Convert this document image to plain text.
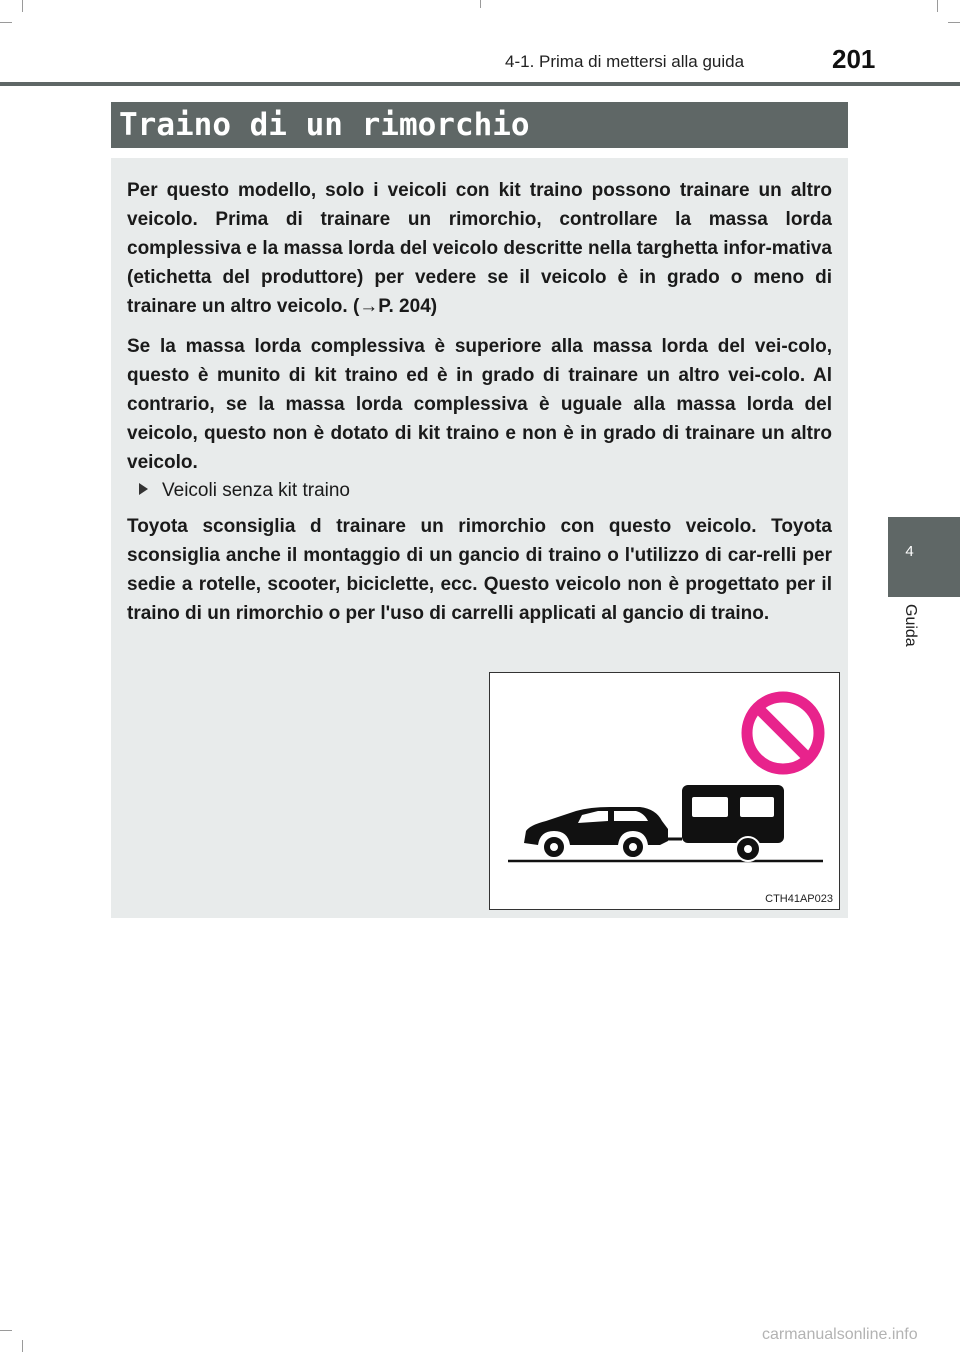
4-1. Prima di mettersi alla guida	201
Traino di un rimorchio

Per questo modello, solo i veicoli con kit traino possono trainare un altro veicolo. Prima di trainare un rimorchio, controllare la massa lorda complessiva e la massa lorda del veicolo descritte nella targhetta infor-mativa (etichetta del produttore) per vedere se il veicolo è in grado o meno di trainare un altro veicolo. (→P. 204)

Se la massa lorda complessiva è superiore alla massa lorda del vei-colo, questo è munito di kit traino ed è in grado di trainare un altro vei-colo. Al contrario, se la massa lorda complessiva è uguale alla massa lorda del veicolo, questo non è dotato di kit traino e non è in grado di trainare un altro veicolo.

Veicoli senza kit traino

Toyota sconsiglia d trainare un rimorchio con questo veicolo. Toyota sconsiglia anche il montaggio di un gancio di traino o l'utilizzo di car-relli per sedie a rotelle, scooter, biciclette, ecc. Questo veicolo non è progettato per il traino di un rimorchio o per l'uso di carrelli applicati al gancio di traino.

CTH41AP023
4
Guida
carmanualsonline.info
